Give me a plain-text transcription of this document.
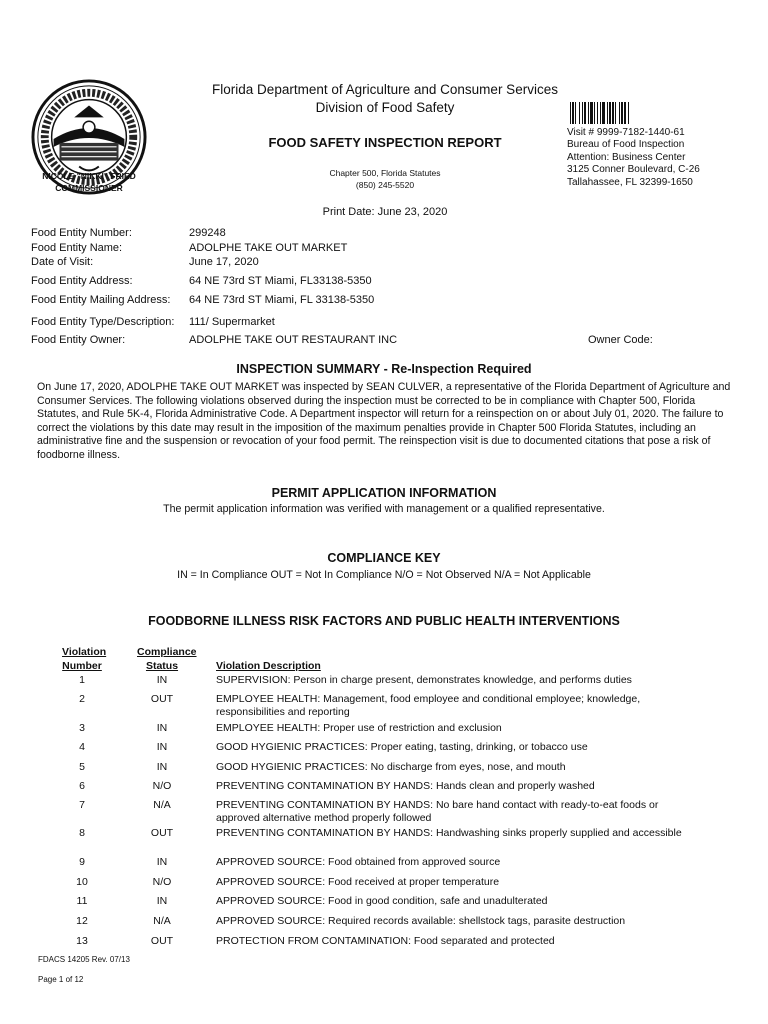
NICOLE "NIKKI" FRIED
COMMISSIONER
Florida Department of Agriculture and Consumer Services
Division of Food Safety
FOOD SAFETY INSPECTION REPORT
Chapter 500, Florida Statutes
(850) 245-5520
Visit # 9999-7182-1440-61
Bureau of Food Inspection
Attention: Business Center
3125 Conner Boulevard, C-26
Tallahassee, FL 32399-1650
Print Date: June 23, 2020
Food Entity Number:	299248
Food Entity Name:	ADOLPHE TAKE OUT MARKET
Date of Visit:	June 17, 2020
Food Entity Address:	64 NE 73rd ST Miami, FL33138-5350
Food Entity Mailing Address: 64 NE 73rd ST Miami, FL 33138-5350
Food Entity Type/Description: 111/ Supermarket
Food Entity Owner:	ADOLPHE TAKE OUT RESTAURANT INC	Owner Code:
INSPECTION SUMMARY - Re-Inspection Required
On June 17, 2020, ADOLPHE TAKE OUT MARKET was inspected by SEAN CULVER, a representative of the Florida Department of Agriculture and Consumer Services. The following violations observed during the inspection must be corrected to be in compliance with Chapter 500, Florida Statutes, and Rule 5K-4, Florida Administrative Code. A Department inspector will return for a reinspection on or about July 01, 2020. The failure to correct the violations by this date may result in the imposition of the maximum penalties provide in Chapter 500 Florida Statutes, including an administrative fine and the suspension or revocation of your food permit. The reinspection visit is due to documented citations that pose a risk of foodborne illness.
PERMIT APPLICATION INFORMATION
The permit application information was verified with management or a qualified representative.
COMPLIANCE KEY
IN = In Compliance OUT = Not In Compliance N/O = Not Observed N/A = Not Applicable
FOODBORNE ILLNESS RISK FACTORS AND PUBLIC HEALTH INTERVENTIONS
Violation	Compliance
Number	Status	Violation Description
1	IN	SUPERVISION: Person in charge present, demonstrates knowledge, and performs duties
2	OUT	EMPLOYEE HEALTH: Management, food employee and conditional employee; knowledge, responsibilities and reporting
3	IN	EMPLOYEE HEALTH: Proper use of restriction and exclusion
4	IN	GOOD HYGIENIC PRACTICES: Proper eating, tasting, drinking, or tobacco use
5	IN	GOOD HYGIENIC PRACTICES: No discharge from eyes, nose, and mouth
6	N/O	PREVENTING CONTAMINATION BY HANDS: Hands clean and properly washed
7	N/A	PREVENTING CONTAMINATION BY HANDS: No bare hand contact with ready-to-eat foods or approved alternative method properly followed
8	OUT	PREVENTING CONTAMINATION BY HANDS: Handwashing sinks properly supplied and accessible
9	IN	APPROVED SOURCE: Food obtained from approved source
10	N/O	APPROVED SOURCE: Food received at proper temperature
11	IN	APPROVED SOURCE: Food in good condition, safe and unadulterated
12	N/A	APPROVED SOURCE: Required records available: shellstock tags, parasite destruction
13	OUT	PROTECTION FROM CONTAMINATION: Food separated and protected
FDACS 14205 Rev. 07/13
Page 1 of 12
